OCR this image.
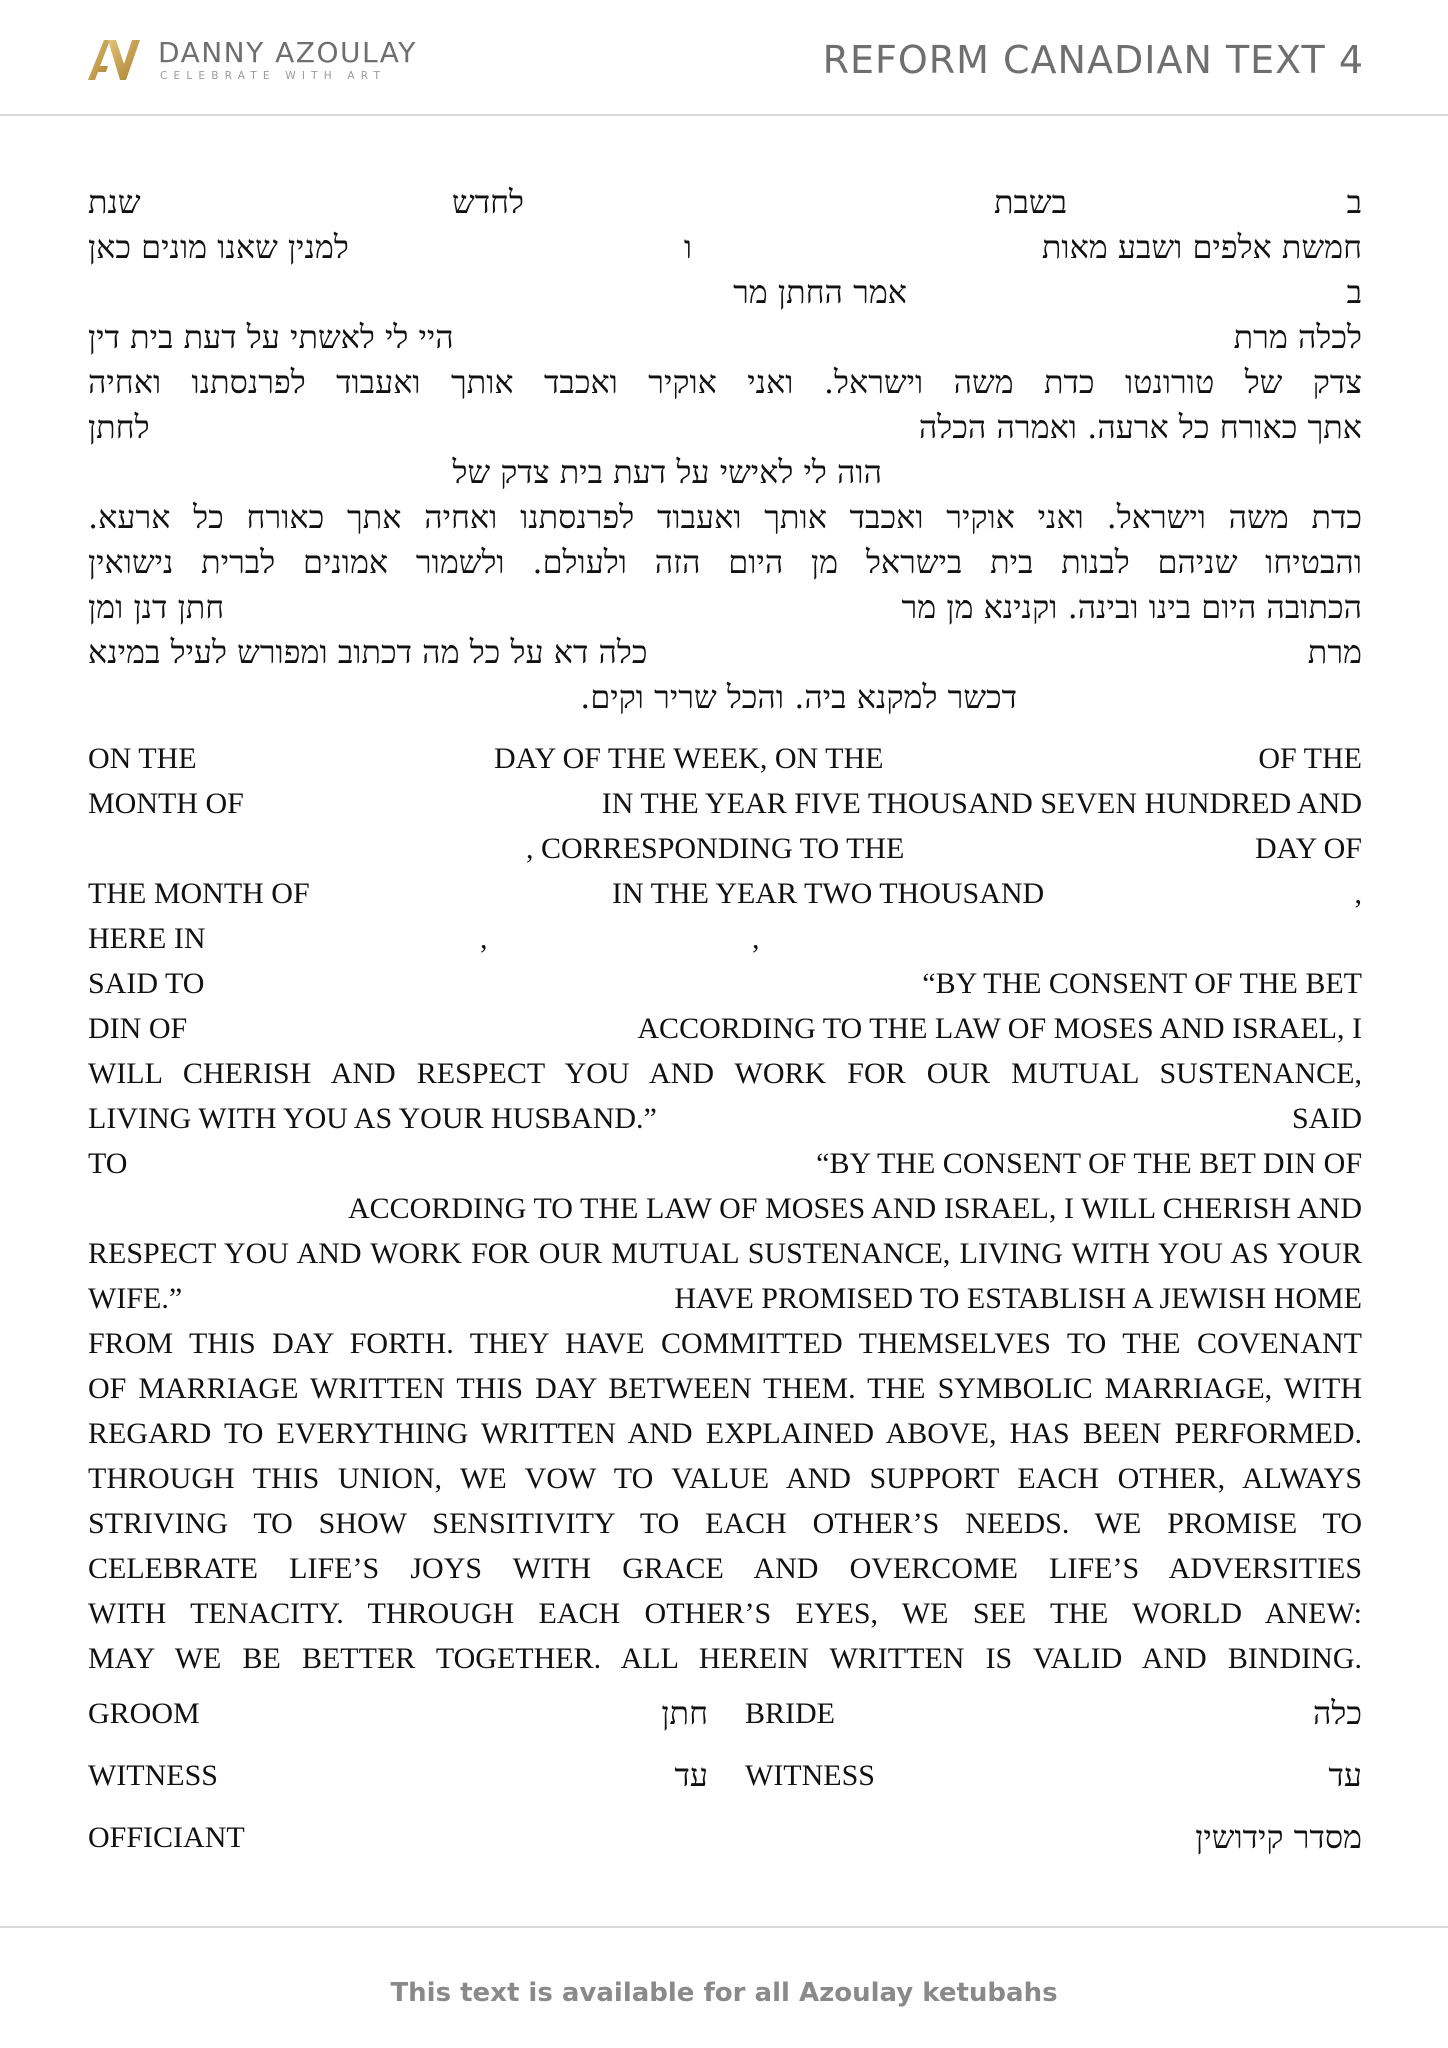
DANNY AZOULAY
CELEBRATE WITH ART	REFORM CANADIAN TEXT 4
ב
בשבת
לחדש
שנת
חמשת אלפים ושבע מאות
ו
למנין שאנו מונים כאן
ב
אמר החתן מר
לכלה מרת
היי לי לאשתי על דעת בית דין
צדק של טורונטו כדת משה וישראל. ואני אוקיר ואכבד אותך ואעבוד לפרנסתנו ואחיה
אתך כאורח כל ארעה. ואמרה הכלה
לחתן
הוה לי לאישי על דעת בית צדק של
כדת משה וישראל. ואני אוקיר ואכבד אותך ואעבוד לפרנסתנו ואחיה אתך כאורח כל ארעא.
והבטיחו שניהם לבנות בית בישראל מן היום הזה ולעולם. ולשמור אמונים לברית נישואין
הכתובה היום בינו ובינה. וקנינא מן מר
חתן דנן ומן
מרת
כלה דא על כל מה דכתוב ומפורש לעיל במינא
דכשר למקנא ביה. והכל שריר וקים.
ON THE	DAY OF THE WEEK, ON THE	OF THE
MONTH OF	IN THE YEAR FIVE THOUSAND SEVEN HUNDRED AND
, CORRESPONDING TO THE	DAY OF
THE MONTH OF	IN THE YEAR TWO THOUSAND	,
HERE IN	,	,
SAID TO	“BY THE CONSENT OF THE BET
DIN OF	ACCORDING TO THE LAW OF MOSES AND ISRAEL, I
WILL CHERISH AND RESPECT YOU AND WORK FOR OUR MUTUAL SUSTENANCE,
LIVING WITH YOU AS YOUR HUSBAND.”	SAID
TO	“BY THE CONSENT OF THE BET DIN OF
ACCORDING TO THE LAW OF MOSES AND ISRAEL, I WILL CHERISH AND
RESPECT YOU AND WORK FOR OUR MUTUAL SUSTENANCE, LIVING WITH YOU AS YOUR
WIFE.”	HAVE PROMISED TO ESTABLISH A JEWISH HOME
FROM THIS DAY FORTH. THEY HAVE COMMITTED THEMSELVES TO THE COVENANT
OF MARRIAGE WRITTEN THIS DAY BETWEEN THEM. THE SYMBOLIC MARRIAGE, WITH
REGARD TO EVERYTHING WRITTEN AND EXPLAINED ABOVE, HAS BEEN PERFORMED.
THROUGH THIS UNION, WE VOW TO VALUE AND SUPPORT EACH OTHER, ALWAYS
STRIVING TO SHOW SENSITIVITY TO EACH OTHER’S NEEDS. WE PROMISE TO
CELEBRATE LIFE’S JOYS WITH GRACE AND OVERCOME LIFE’S ADVERSITIES
WITH TENACITY. THROUGH EACH OTHER’S EYES, WE SEE THE WORLD ANEW:
MAY WE BE BETTER TOGETHER. ALL HEREIN WRITTEN IS VALID AND BINDING.
GROOM	חתן BRIDE	כלה
WITNESS	עד WITNESS	עד
OFFICIANT	מסדר קידושין
This text is available for all Azoulay ketubahs
